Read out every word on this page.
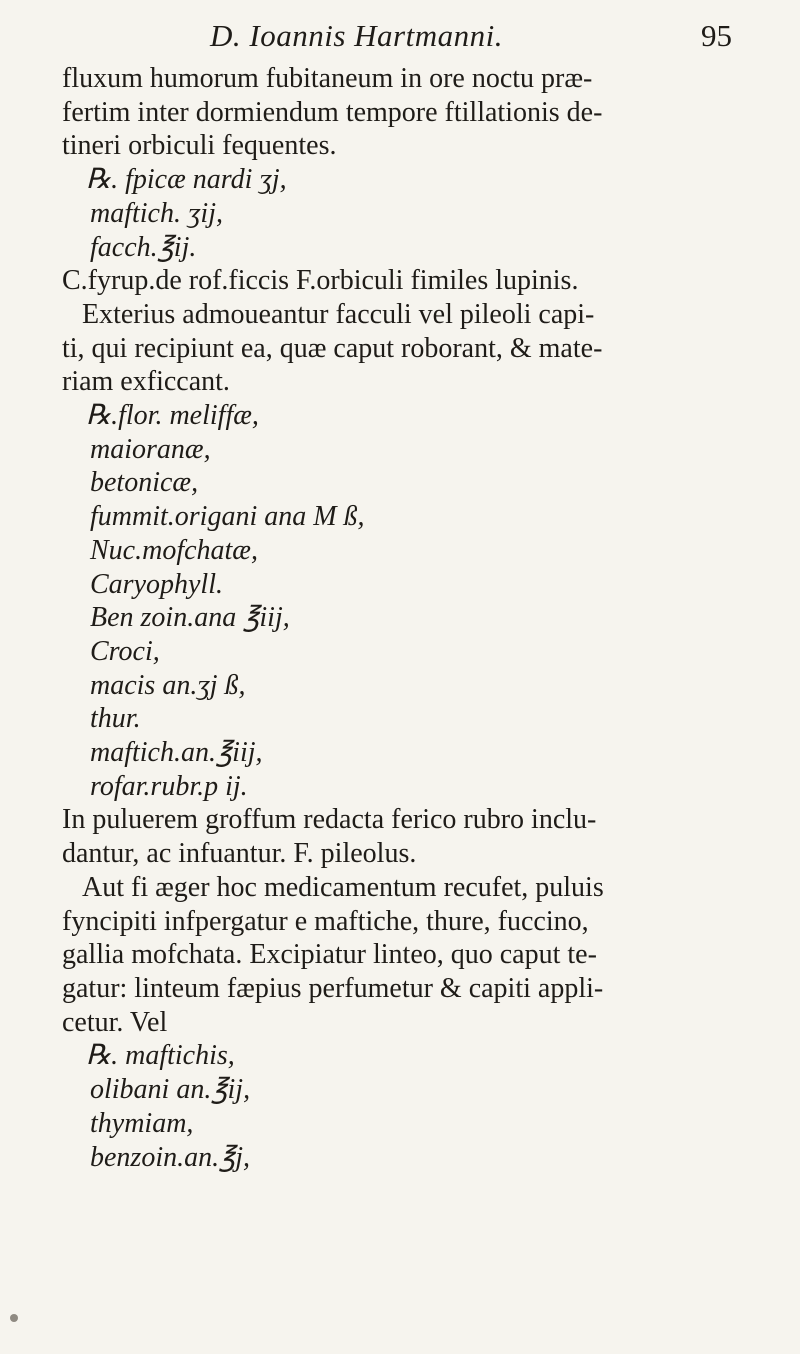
D. Ioannis Hartmanni.	95
fluxum humorum fubitaneum in ore noctu præ-
fertim inter dormiendum tempore ftillationis de-
tineri orbiculi fequentes.
℞. fpicæ nardi ʒj,
maftich. ʒij,
facch.℥ij.
C.fyrup.de rof.ficcis F.orbiculi fimiles lupinis.
Exterius admoueantur facculi vel pileoli capi-
ti, qui recipiunt ea, quæ caput roborant, & mate-
riam exficcant.
℞.flor. meliffæ,
maioranæ,
betonicæ,
fummit.origani ana M ß,
Nuc.mofchatæ,
Caryophyll.
Ben zoin.ana ℥iij,
Croci,
macis an.ʒj ß,
thur.
maftich.an.℥iij,
rofar.rubr.p ij.
In puluerem groffum redacta ferico rubro inclu-
dantur, ac infuantur. F. pileolus.
Aut fi æger hoc medicamentum recufet, puluis
fyncipiti infpergatur e maftiche, thure, fuccino,
gallia mofchata. Excipiatur linteo, quo caput te-
gatur: linteum fæpius perfumetur & capiti appli-
cetur. Vel
℞. maftichis,
olibani an.℥ij,
thymiam,
benzoin.an.℥j,
